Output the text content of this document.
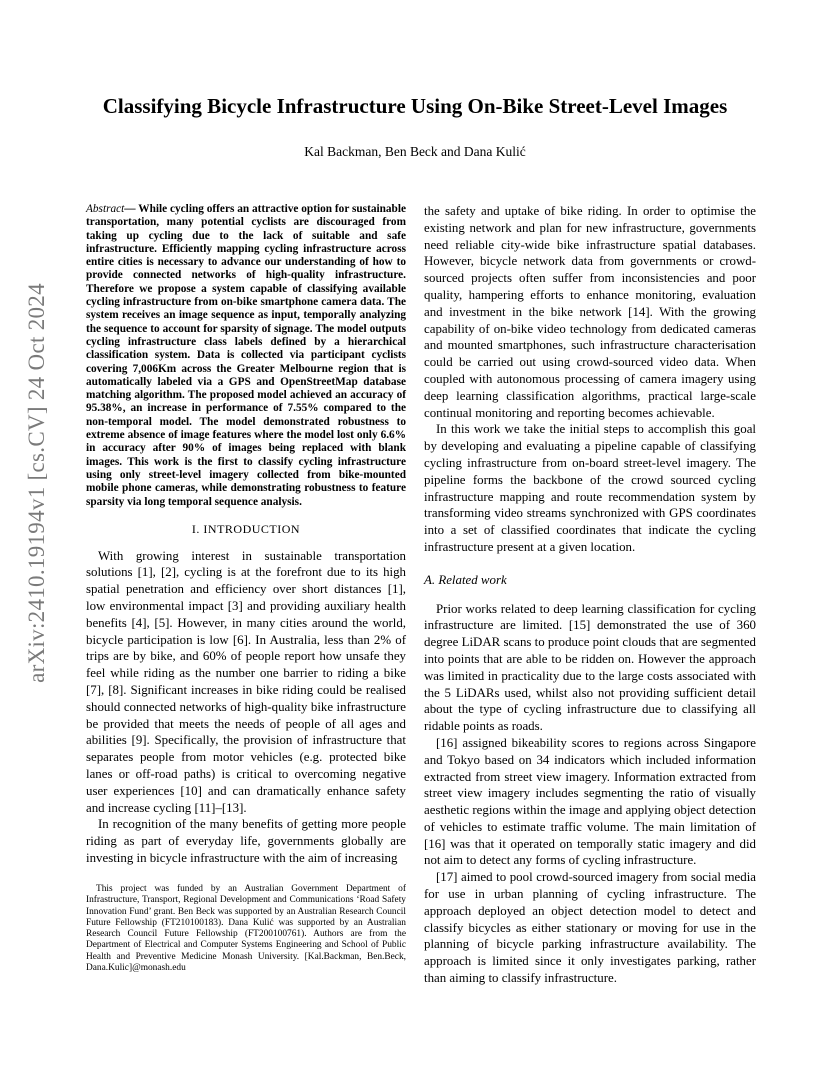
arXiv:2410.19194v1 [cs.CV] 24 Oct 2024
Classifying Bicycle Infrastructure Using On-Bike Street-Level Images
Kal Backman, Ben Beck and Dana Kulić

Abstract— While cycling offers an attractive option for sustainable transportation, many potential cyclists are discouraged from taking up cycling due to the lack of suitable and safe infrastructure. Efficiently mapping cycling infrastructure across entire cities is necessary to advance our understanding of how to provide connected networks of high-quality infrastructure. Therefore we propose a system capable of classifying available cycling infrastructure from on-bike smartphone camera data. The system receives an image sequence as input, temporally analyzing the sequence to account for sparsity of signage. The model outputs cycling infrastructure class labels defined by a hierarchical classification system. Data is collected via participant cyclists covering 7,006Km across the Greater Melbourne region that is automatically labeled via a GPS and OpenStreetMap database matching algorithm. The proposed model achieved an accuracy of 95.38%, an increase in performance of 7.55% compared to the non-temporal model. The model demonstrated robustness to extreme absence of image features where the model lost only 6.6% in accuracy after 90% of images being replaced with blank images. This work is the first to classify cycling infrastructure using only street-level imagery collected from bike-mounted mobile phone cameras, while demonstrating robustness to feature sparsity via long temporal sequence analysis.

I. INTRODUCTION

With growing interest in sustainable transportation solutions [1], [2], cycling is at the forefront due to its high spatial penetration and efficiency over short distances [1], low environmental impact [3] and providing auxiliary health benefits [4], [5]. However, in many cities around the world, bicycle participation is low [6]. In Australia, less than 2% of trips are by bike, and 60% of people report how unsafe they feel while riding as the number one barrier to riding a bike [7], [8]. Significant increases in bike riding could be realised should connected networks of high-quality bike infrastructure be provided that meets the needs of people of all ages and abilities [9]. Specifically, the provision of infrastructure that separates people from motor vehicles (e.g. protected bike lanes or off-road paths) is critical to overcoming negative user experiences [10] and can dramatically enhance safety and increase cycling [11]–[13].

In recognition of the many benefits of getting more people riding as part of everyday life, governments globally are investing in bicycle infrastructure with the aim of increasing

This project was funded by an Australian Government Department of Infrastructure, Transport, Regional Development and Communications ‘Road Safety Innovation Fund’ grant. Ben Beck was supported by an Australian Research Council Future Fellowship (FT210100183). Dana Kulić was supported by an Australian Research Council Future Fellowship (FT200100761). Authors are from the Department of Electrical and Computer Systems Engineering and School of Public Health and Preventive Medicine Monash University. [Kal.Backman, Ben.Beck, Dana.Kulic]@monash.edu

the safety and uptake of bike riding. In order to optimise the existing network and plan for new infrastructure, governments need reliable city-wide bike infrastructure spatial databases. However, bicycle network data from governments or crowd-sourced projects often suffer from inconsistencies and poor quality, hampering efforts to enhance monitoring, evaluation and investment in the bike network [14]. With the growing capability of on-bike video technology from dedicated cameras and mounted smartphones, such infrastructure characterisation could be carried out using crowd-sourced video data. When coupled with autonomous processing of camera imagery using deep learning classification algorithms, practical large-scale continual monitoring and reporting becomes achievable.

In this work we take the initial steps to accomplish this goal by developing and evaluating a pipeline capable of classifying cycling infrastructure from on-board street-level imagery. The pipeline forms the backbone of the crowd sourced cycling infrastructure mapping and route recommendation system by transforming video streams synchronized with GPS coordinates into a set of classified coordinates that indicate the cycling infrastructure present at a given location.

A. Related work

Prior works related to deep learning classification for cycling infrastructure are limited. [15] demonstrated the use of 360 degree LiDAR scans to produce point clouds that are segmented into points that are able to be ridden on. However the approach was limited in practicality due to the large costs associated with the 5 LiDARs used, whilst also not providing sufficient detail about the type of cycling infrastructure due to classifying all ridable points as roads.

[16] assigned bikeability scores to regions across Singapore and Tokyo based on 34 indicators which included information extracted from street view imagery. Information extracted from street view imagery includes segmenting the ratio of visually aesthetic regions within the image and applying object detection of vehicles to estimate traffic volume. The main limitation of [16] was that it operated on temporally static imagery and did not aim to detect any forms of cycling infrastructure.

[17] aimed to pool crowd-sourced imagery from social media for use in urban planning of cycling infrastructure. The approach deployed an object detection model to detect and classify bicycles as either stationary or moving for use in the planning of bicycle parking infrastructure availability. The approach is limited since it only investigates parking, rather than aiming to classify infrastructure.
